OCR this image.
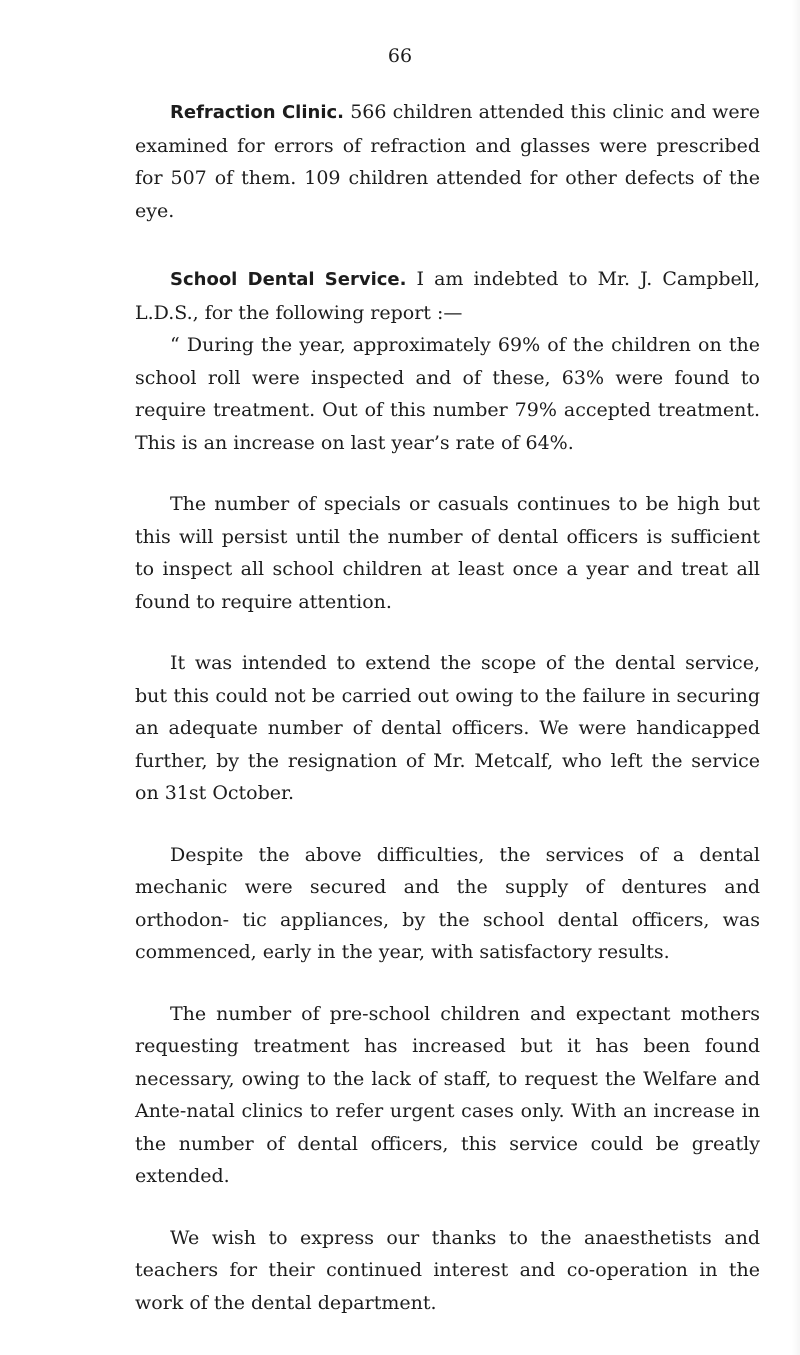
66

Refraction Clinic. 566 children attended this clinic and were examined for errors of refraction and glasses were prescribed for 507 of them. 109 children attended for other defects of the eye.

School Dental Service. I am indebted to Mr. J. Campbell, L.D.S., for the following report :—

“ During the year, approximately 69% of the children on the school roll were inspected and of these, 63% were found to require treatment. Out of this number 79% accepted treatment. This is an increase on last year’s rate of 64%.

The number of specials or casuals continues to be high but this will persist until the number of dental officers is sufficient to inspect all school children at least once a year and treat all found to require attention.

It was intended to extend the scope of the dental service, but this could not be carried out owing to the failure in securing an adequate number of dental officers. We were handicapped further, by the resignation of Mr. Metcalf, who left the service on 31st October.

Despite the above difficulties, the services of a dental mechanic were secured and the supply of dentures and orthodon- tic appliances, by the school dental officers, was commenced, early in the year, with satisfactory results.

The number of pre-school children and expectant mothers requesting treatment has increased but it has been found necessary, owing to the lack of staff, to request the Welfare and Ante-natal clinics to refer urgent cases only. With an increase in the number of dental officers, this service could be greatly extended.

We wish to express our thanks to the anaesthetists and teachers for their continued interest and co-operation in the work of the dental department.
